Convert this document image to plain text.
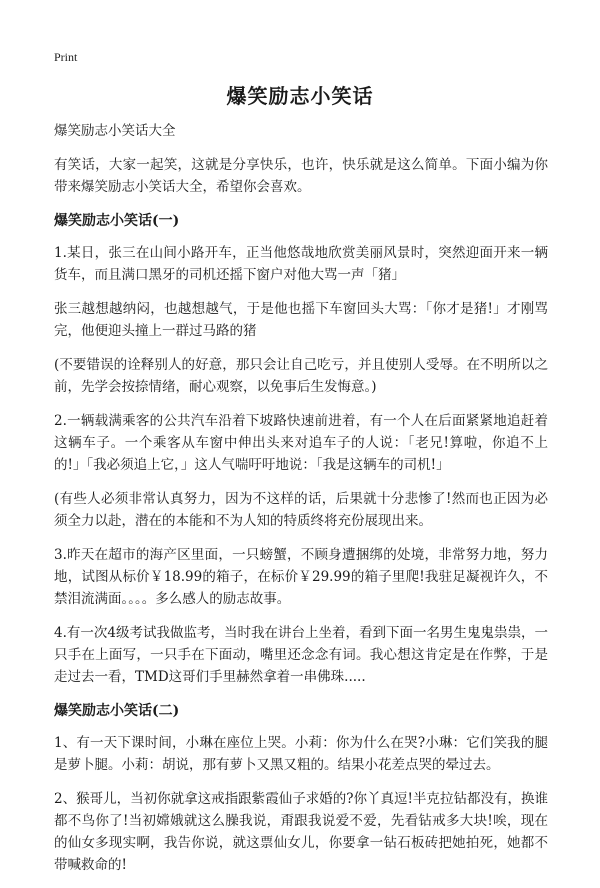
Print
爆笑励志小笑话

爆笑励志小笑话大全

有笑话，大家一起笑，这就是分享快乐，也许，快乐就是这么简单。下面小编为你带来爆笑励志小笑话大全，希望你会喜欢。

爆笑励志小笑话(一)

1.某日，张三在山间小路开车，正当他悠哉地欣赏美丽风景时，突然迎面开来一辆货车，而且满口黑牙的司机还摇下窗户对他大骂一声「猪」

张三越想越纳闷，也越想越气，于是他也摇下车窗回头大骂：「你才是猪!」才刚骂完，他便迎头撞上一群过马路的猪

(不要错误的诠释别人的好意，那只会让自己吃亏，并且使别人受辱。在不明所以之前，先学会按捺情绪，耐心观察，以免事后生发悔意。)

2.一辆载满乘客的公共汽车沿着下坡路快速前进着，有一个人在后面紧紧地追赶着这辆车子。一个乘客从车窗中伸出头来对追车子的人说：「老兄!算啦，你追不上的!」「我必须追上它，」这人气喘吁吁地说：「我是这辆车的司机!」

(有些人必须非常认真努力，因为不这样的话，后果就十分悲惨了!然而也正因为必须全力以赴，潜在的本能和不为人知的特质终将充份展现出来。

3.昨天在超市的海产区里面，一只螃蟹，不顾身遭捆绑的处境，非常努力地，努力地，试图从标价￥18.99的箱子，在标价￥29.99的箱子里爬!我驻足凝视许久，不禁泪流满面。。。。多么感人的励志故事。

4.有一次4级考试我做监考，当时我在讲台上坐着，看到下面一名男生鬼鬼祟祟，一只手在上面写，一只手在下面动，嘴里还念念有词。我心想这肯定是在作弊，于是走过去一看，TMD这哥们手里赫然拿着一串佛珠.....

爆笑励志小笑话(二)

1、有一天下课时间，小琳在座位上哭。小莉：你为什么在哭?小琳：它们笑我的腿是萝卜腿。小莉：胡说，那有萝卜又黑又粗的。结果小花差点哭的晕过去。

2、猴哥儿，当初你就拿这戒指跟紫霞仙子求婚的?你丫真逗!半克拉钻都没有，换谁都不鸟你了!当初嫦娥就这么臊我说，甭跟我说爱不爱，先看钻戒多大块!唉，现在的仙女多现实啊，我告你说，就这票仙女儿，你要拿一钻石板砖把她拍死，她都不带喊救命的!
